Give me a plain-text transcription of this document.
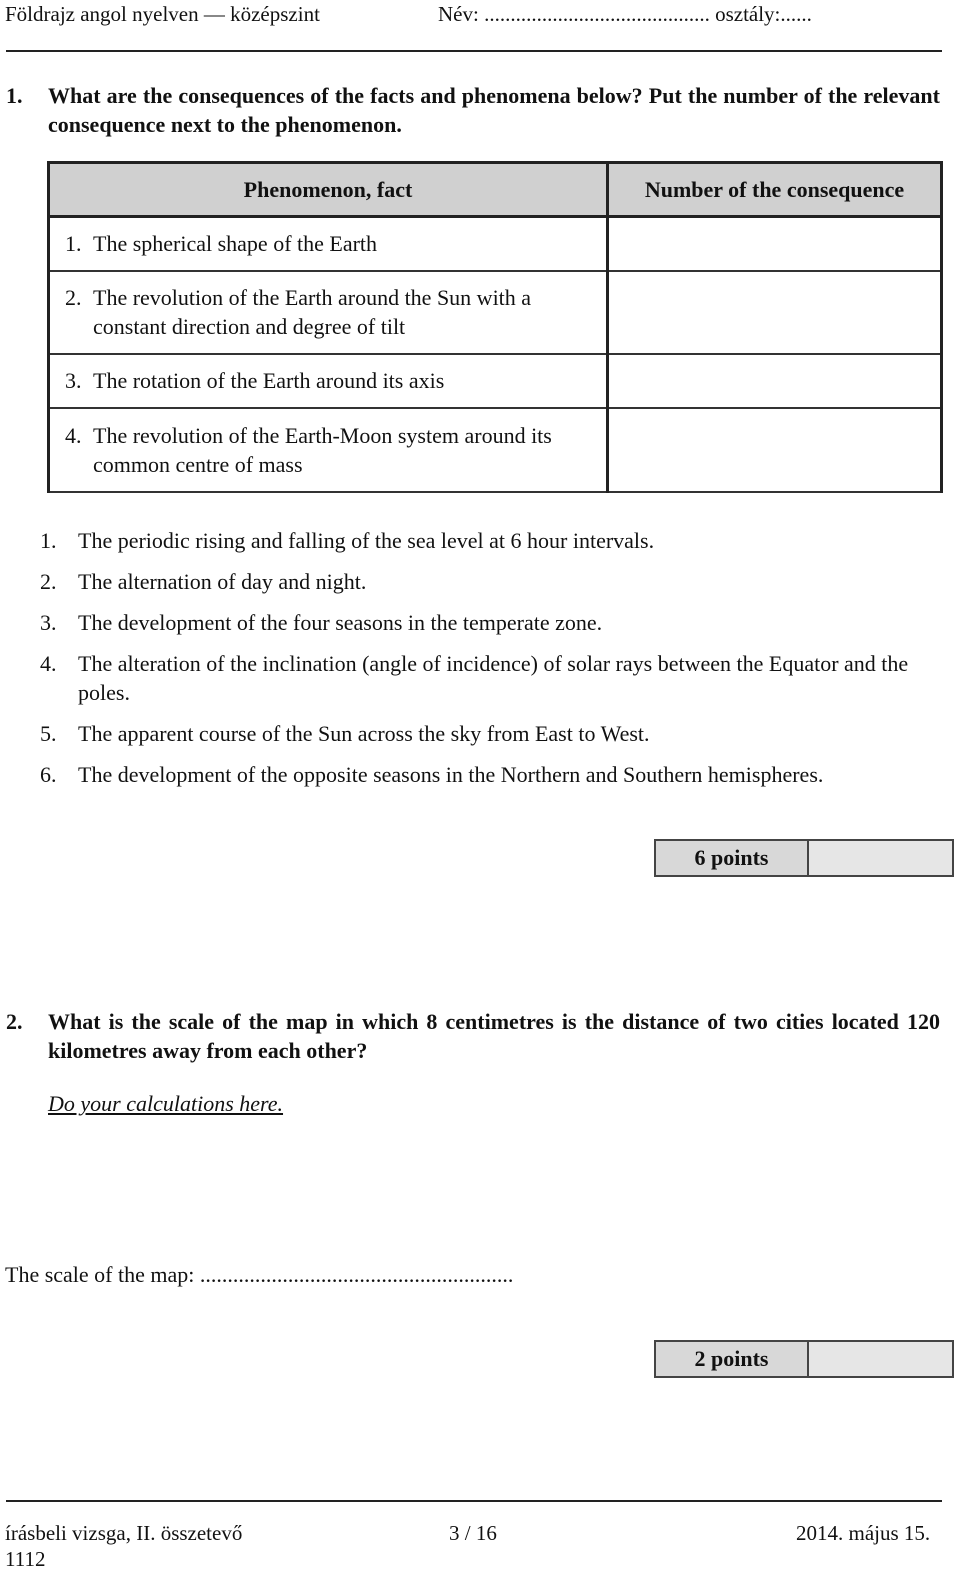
Földrajz angol nyelven — középszint	Név: ........................................... osztály:......
1. What are the consequences of the facts and phenomena below? Put the number of the relevant consequence next to the phenomenon.
Phenomenon, fact	Number of the consequence

1. The spherical shape of the Earth	

2. The revolution of the Earth around the Sun with a constant direction and degree of tilt	

3. The rotation of the Earth around its axis	

4. The revolution of the Earth-Moon system around its common centre of mass	

1. The periodic rising and falling of the sea level at 6 hour intervals.
2. The alternation of day and night.
3. The development of the four seasons in the temperate zone.
4. The alteration of the inclination (angle of incidence) of solar rays between the Equator and the poles.
5. The apparent course of the Sun across the sky from East to West.
6. The development of the opposite seasons in the Northern and Southern hemispheres.
6 points
2. What is the scale of the map in which 8 centimetres is the distance of two cities located 120 kilometres away from each other?
Do your calculations here.
The scale of the map: .........................................................
2 points
írásbeli vizsga, II. összetevő	3 / 16	2014. május 15.
1112
